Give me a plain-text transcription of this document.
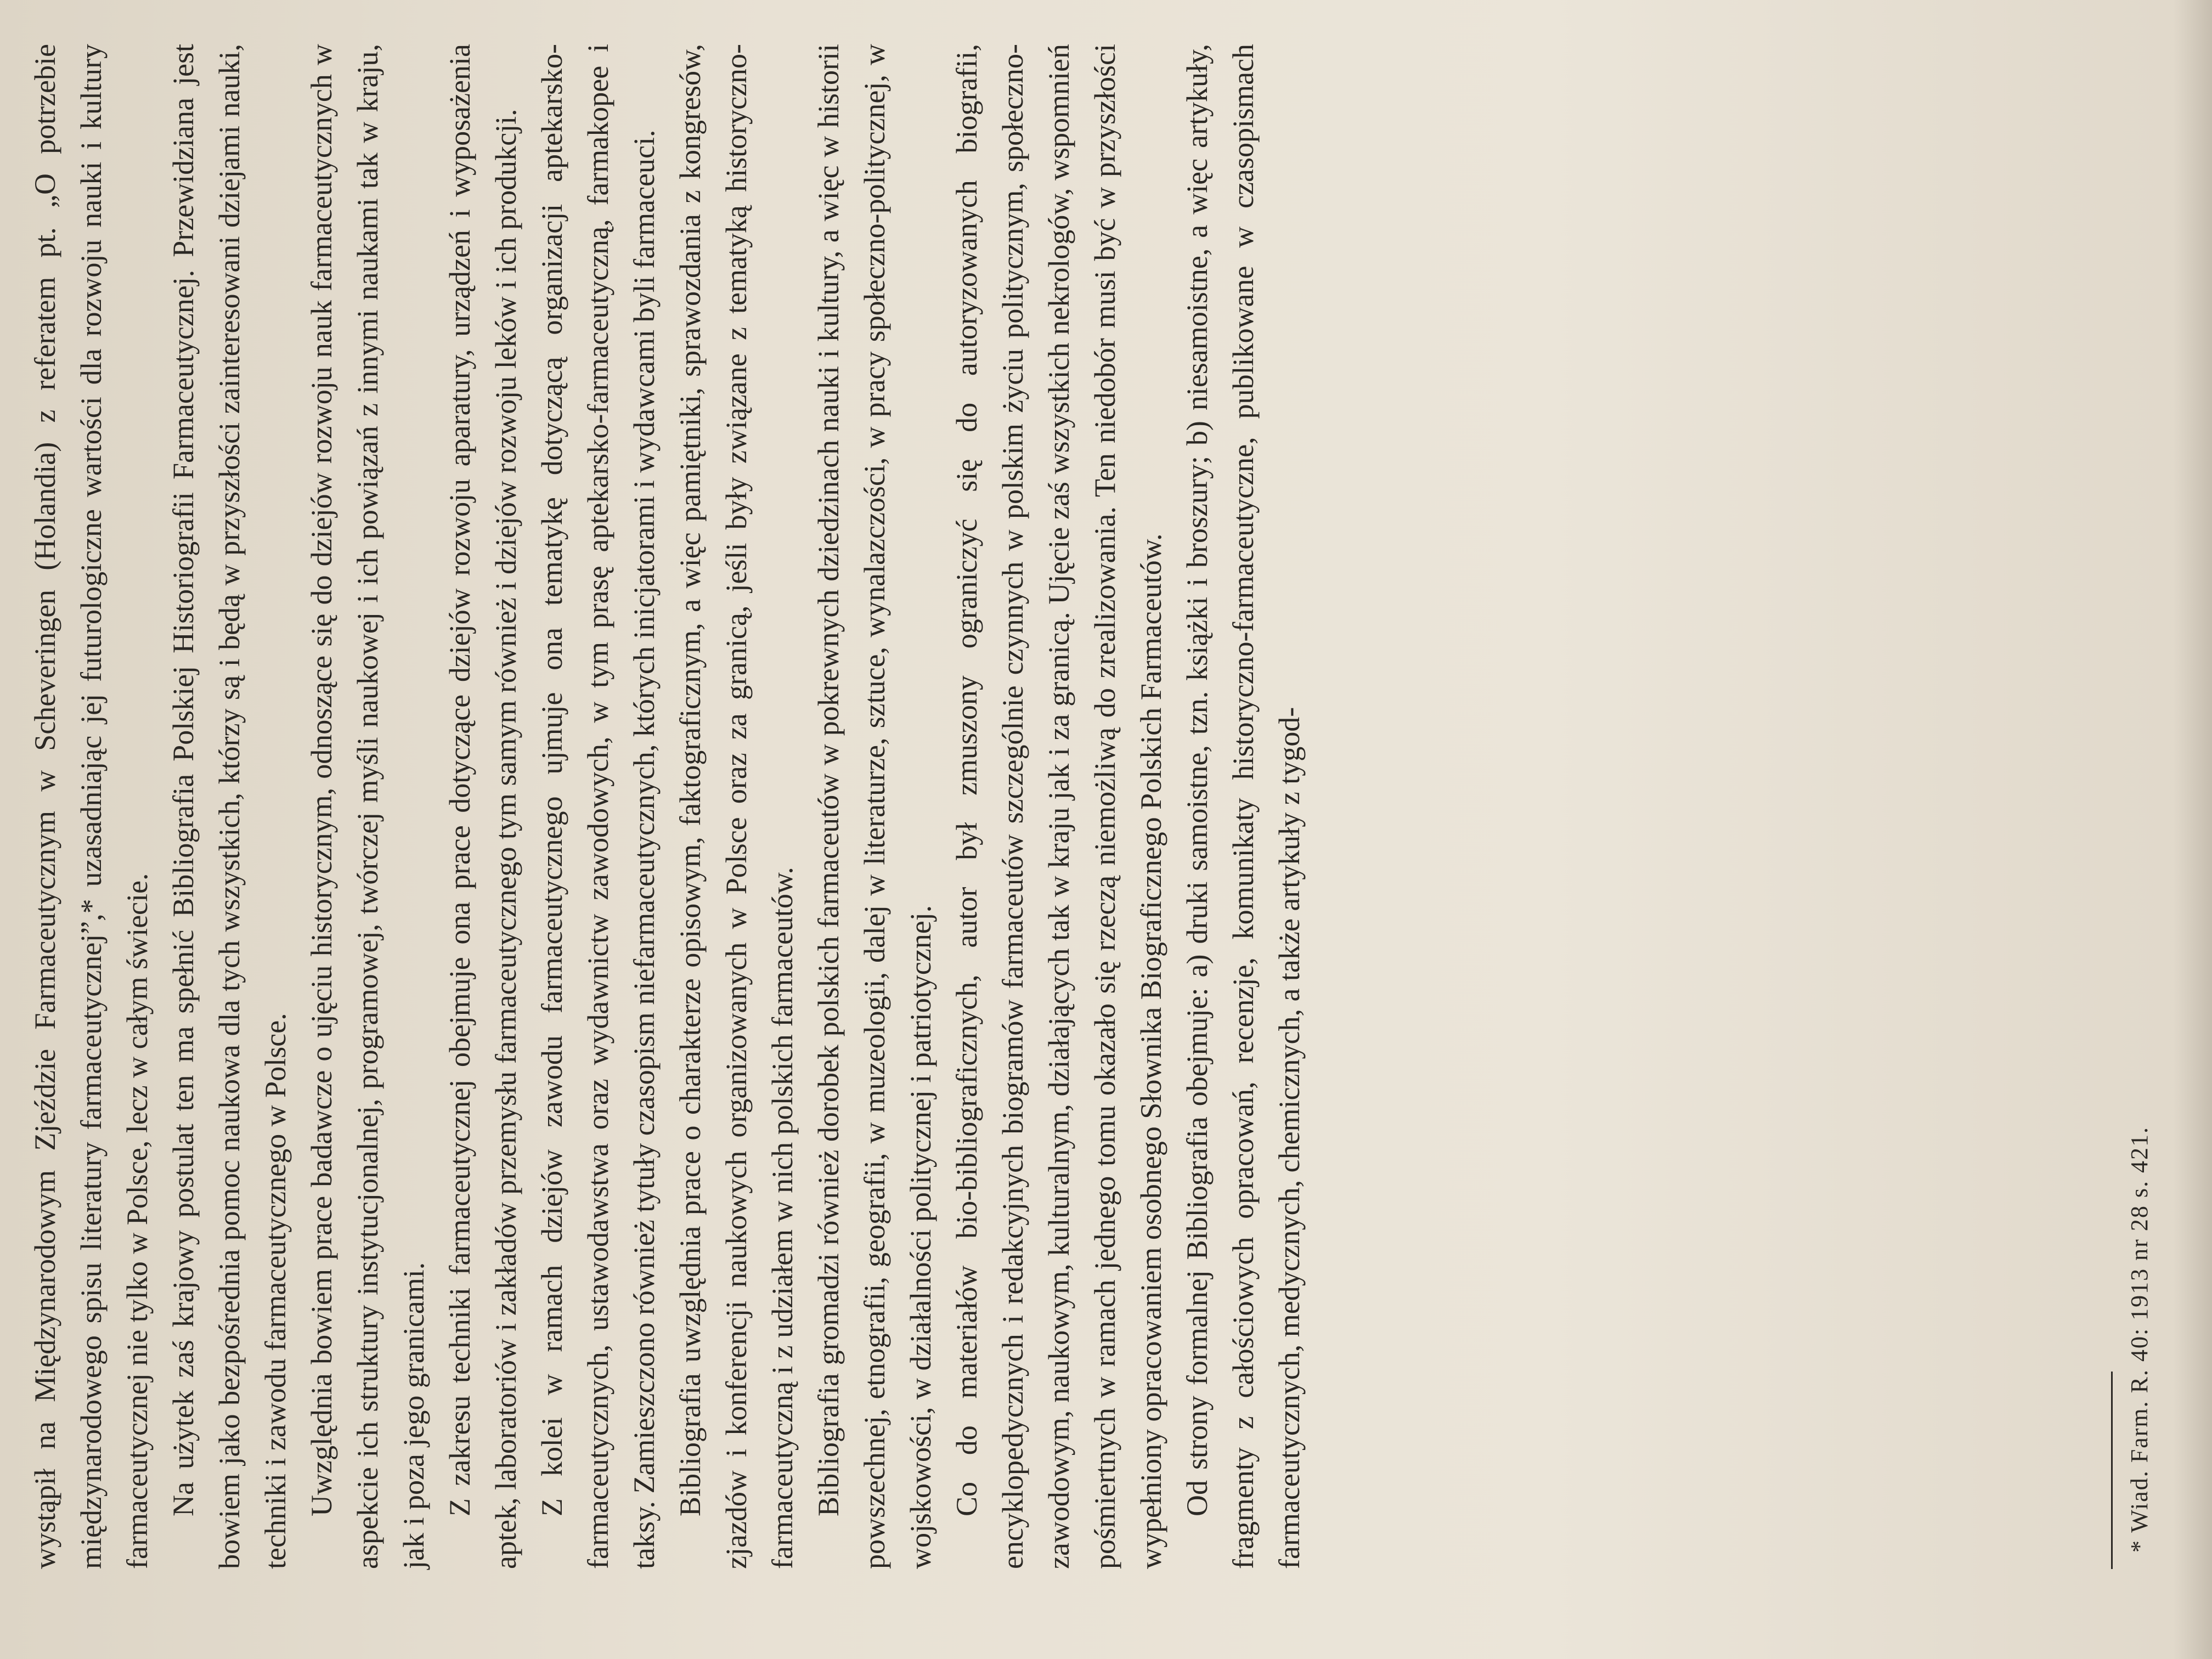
wystąpił na Międzynarodowym Zjeździe Farmaceutycznym w Scheveringen (Holandia) z referatem pt. „O potrzebie międzynarodowego spisu literatury farmaceutycznej”,* uzasadniając jej futurologiczne wartości dla rozwoju nauki i kultury farmaceutycznej nie tylko w Polsce, lecz w całym świecie. Na użytek zaś krajowy postulat ten ma spełnić Bibliografia Polskiej Historiografii Farmaceutycznej. Przewidziana jest bowiem jako bezpośrednia pomoc naukowa dla tych wszystkich, którzy są i będą w przyszłości zainteresowani dziejami nauki, techniki i zawodu farmaceutycznego w Polsce. Uwzględnia bowiem prace badawcze o ujęciu historycznym, odnoszące się do dziejów rozwoju nauk farmaceutycznych w aspekcie ich struktury instytucjonalnej, programowej, twórczej myśli naukowej i ich powiązań z innymi naukami tak w kraju, jak i poza jego granicami. Z zakresu techniki farmaceutycznej obejmuje ona prace dotyczące dziejów rozwoju aparatury, urządzeń i wyposażenia aptek, laboratoriów i zakładów przemysłu farmaceutycznego tym samym również i dziejów rozwoju leków i ich produkcji. Z kolei w ramach dziejów zawodu farmaceutycznego ujmuje ona tematykę dotyczącą organizacji aptekarsko-farmaceutycznych, ustawodawstwa oraz wydawnictw zawodowych, w tym prasę aptekarsko-farmaceutyczną, farmakopee i taksy. Zamieszczono również tytuły czasopism niefarmaceutycznych, których inicjatorami i wydawcami byli farmaceuci. Bibliografia uwzględnia prace o charakterze opisowym, faktograficznym, a więc pamiętniki, sprawozdania z kongresów, zjazdów i konferencji naukowych organizowanych w Polsce oraz za granicą, jeśli były związane z tematyką historyczno-farmaceutyczną i z udziałem w nich polskich farmaceutów. Bibliografia gromadzi również dorobek polskich farmaceutów w pokrewnych dziedzinach nauki i kultury, a więc w historii powszechnej, etnografii, geografii, w muzeologii, dalej w literaturze, sztuce, wynalazczości, w pracy społeczno-politycznej, w wojskowości, w działalności politycznej i patriotycznej. Co do materiałów bio-bibliograficznych, autor był zmuszony ograniczyć się do autoryzowanych biografii, encyklopedycznych i redakcyjnych biogramów farmaceutów szczególnie czynnych w polskim życiu politycznym, społeczno-zawodowym, naukowym, kulturalnym, działających tak w kraju jak i za granicą. Ujęcie zaś wszystkich nekrologów, wspomnień pośmiertnych w ramach jednego tomu okazało się rzeczą niemożliwą do zrealizowania. Ten niedobór musi być w przyszłości wypełniony opracowaniem osobnego Słownika Biograficznego Polskich Farmaceutów. Od strony formalnej Bibliografia obejmuje: a) druki samoistne, tzn. książki i broszury; b) niesamoistne, a więc artykuły, fragmenty z całościowych opracowań, recenzje, komunikaty historyczno-farmaceutyczne, publikowane w czasopismach farmaceutycznych, medycznych, chemicznych, a także artykuły z tygod-	* Wiad. Farm. R. 40: 1913 nr 28 s. 421.
